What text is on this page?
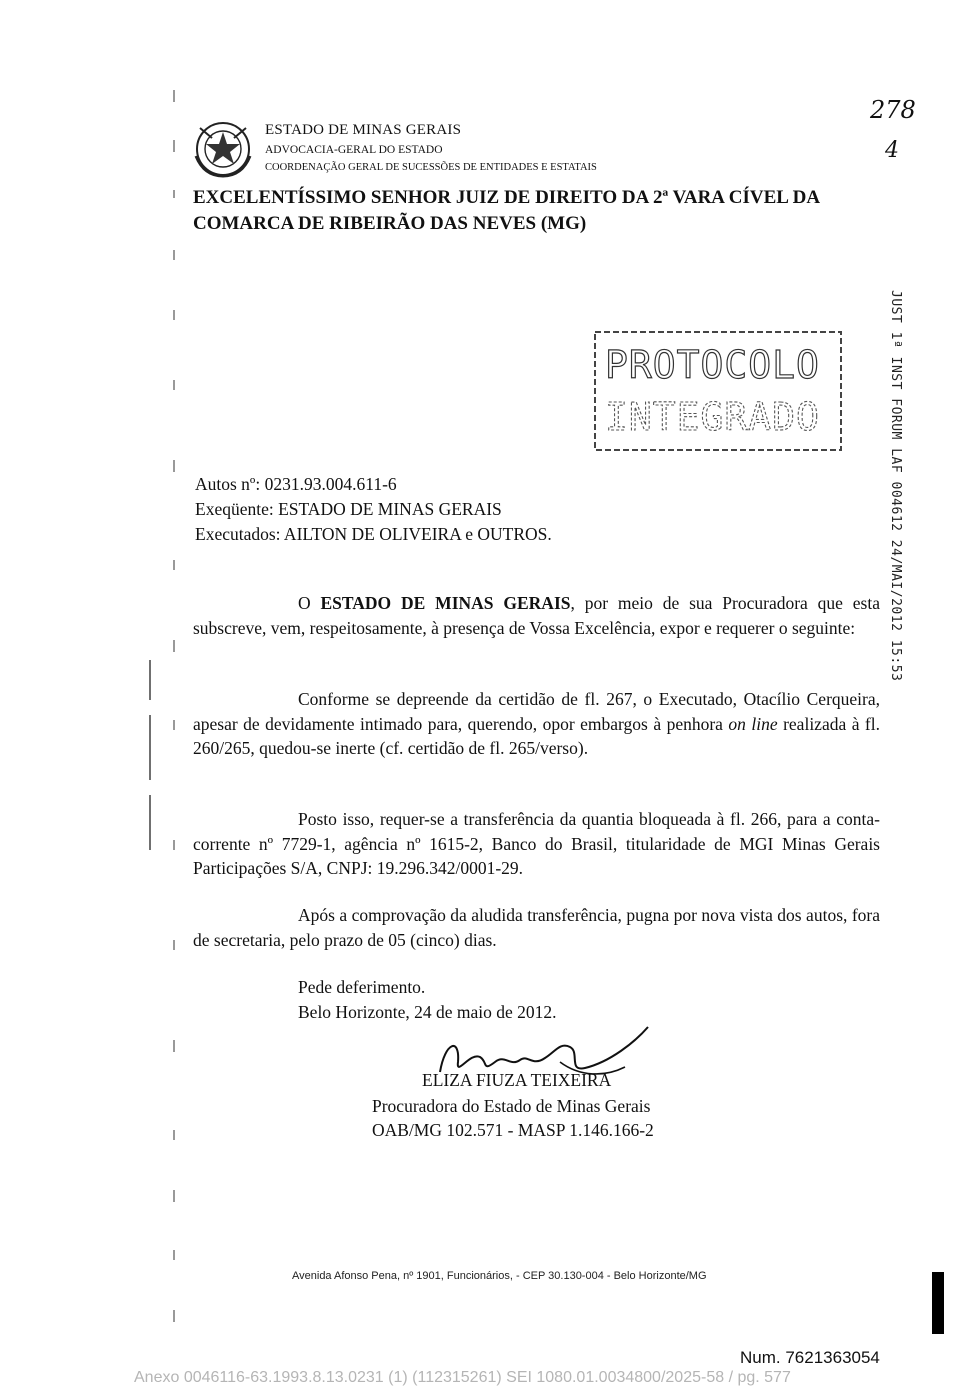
ESTADO DE MINAS GERAIS
ADVOCACIA-GERAL DO ESTADO
COORDENAÇÃO GERAL DE SUCESSÕES DE ENTIDADES E ESTATAIS
278
4
EXCELENTÍSSIMO SENHOR JUIZ DE DIREITO DA 2ª VARA CÍVEL DA
COMARCA DE RIBEIRÃO DAS NEVES (MG)
PROTOCOLO
INTEGRADO	JUST 1ª INST FORUM LAF 004612 24/MAI/2012 15:53
Autos nº: 0231.93.004.611-6
Exeqüente: ESTADO DE MINAS GERAIS
Executados: AILTON DE OLIVEIRA e OUTROS.
O ESTADO DE MINAS GERAIS, por meio de sua Procuradora que esta subscreve, vem, respeitosamente, à presença de Vossa Excelência, expor e requerer o seguinte:
Conforme se depreende da certidão de fl. 267, o Executado, Otacílio Cerqueira, apesar de devidamente intimado para, querendo, opor embargos à penhora on line realizada à fl. 260/265, quedou-se inerte (cf. certidão de fl. 265/verso).
Posto isso, requer-se a transferência da quantia bloqueada à fl. 266, para a conta-corrente nº 7729-1, agência nº 1615-2, Banco do Brasil, titularidade de MGI Minas Gerais Participações S/A, CNPJ: 19.296.342/0001-29.
Após a comprovação da aludida transferência, pugna por nova vista dos autos, fora de secretaria, pelo prazo de 05 (cinco) dias.
Pede deferimento.
Belo Horizonte, 24 de maio de 2012.
ELIZA FIUZA TEIXEIRA
Procuradora do Estado de Minas Gerais
OAB/MG 102.571 - MASP 1.146.166-2
Avenida Afonso Pena, nº 1901, Funcionários, - CEP 30.130-004 - Belo Horizonte/MG
Num. 7621363054
Anexo 0046116-63.1993.8.13.0231 (1) (112315261) SEI 1080.01.0034800/2025-58 / pg. 577
